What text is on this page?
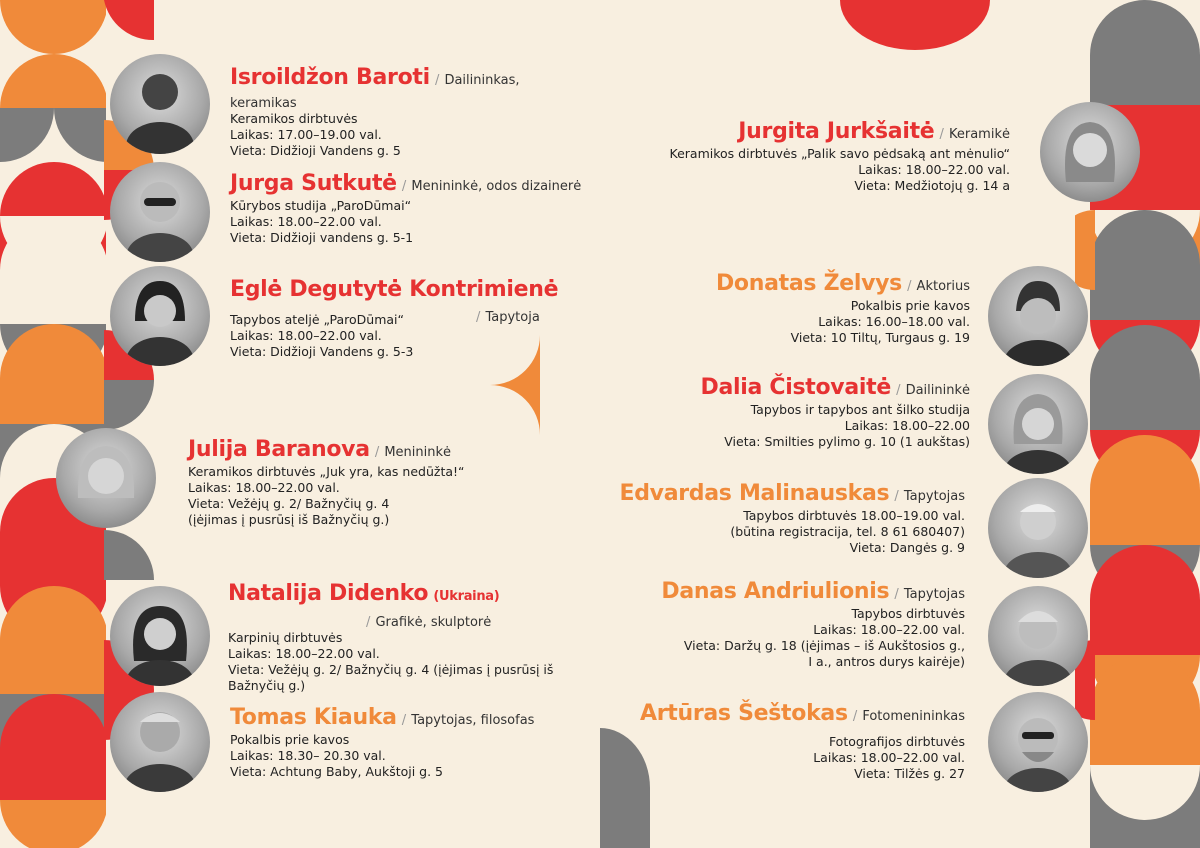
Isroildžon Baroti / Dailininkas, keramikas
Keramikos dirbtuvės
Laikas: 17.00–19.00 val.
Vieta: Didžioji Vandens g. 5
Jurga Sutkutė / Menininkė, odos dizainerė
Kūrybos studija „ParoDūmai“
Laikas: 18.00–22.00 val.
Vieta: Didžioji vandens g. 5-1
Eglė Degutytė Kontrimienė
/ Tapytoja
Tapybos ateljė „ParoDūmai“
Laikas: 18.00–22.00 val.
Vieta: Didžioji Vandens g. 5-3
Julija Baranova / Menininkė
Keramikos dirbtuvės „Juk yra, kas nedūžta!“
Laikas: 18.00–22.00 val.
Vieta: Vežėjų g. 2/ Bažnyčių g. 4
(įėjimas į pusrūsį iš Bažnyčių g.)
Natalija Didenko (Ukraina)
/ Grafikė, skulptorė
Karpinių dirbtuvės
Laikas: 18.00–22.00 val.
Vieta: Vežėjų g. 2/ Bažnyčių g. 4 (įėjimas į pusrūsį iš
Bažnyčių g.)
Tomas Kiauka / Tapytojas, filosofas
Pokalbis prie kavos
Laikas: 18.30– 20.30 val.
Vieta: Achtung Baby, Aukštoji g. 5
Jurgita Jurkšaitė / Keramikė
Keramikos dirbtuvės „Palik savo pėdsaką ant mėnulio“
Laikas: 18.00–22.00 val.
Vieta: Medžiotojų g. 14 a
Donatas Želvys / Aktorius
Pokalbis prie kavos
Laikas: 16.00–18.00 val.
Vieta: 10 Tiltų, Turgaus g. 19
Dalia Čistovaitė / Dailininkė
Tapybos ir tapybos ant šilko studija
Laikas: 18.00–22.00
Vieta: Smilties pylimo g. 10 (1 aukštas)
Edvardas Malinauskas / Tapytojas
Tapybos dirbtuvės 18.00–19.00 val.
(būtina registracija, tel. 8 61 680407)
Vieta: Dangės g. 9
Danas Andriulionis / Tapytojas
Tapybos dirbtuvės
Laikas: 18.00–22.00 val.
Vieta: Daržų g. 18 (įėjimas – iš Aukštosios g.,
I a., antros durys kairėje)
Artūras Šeštokas / Fotomenininkas
Fotografijos dirbtuvės
Laikas: 18.00–22.00 val.
Vieta: Tilžės g. 27
